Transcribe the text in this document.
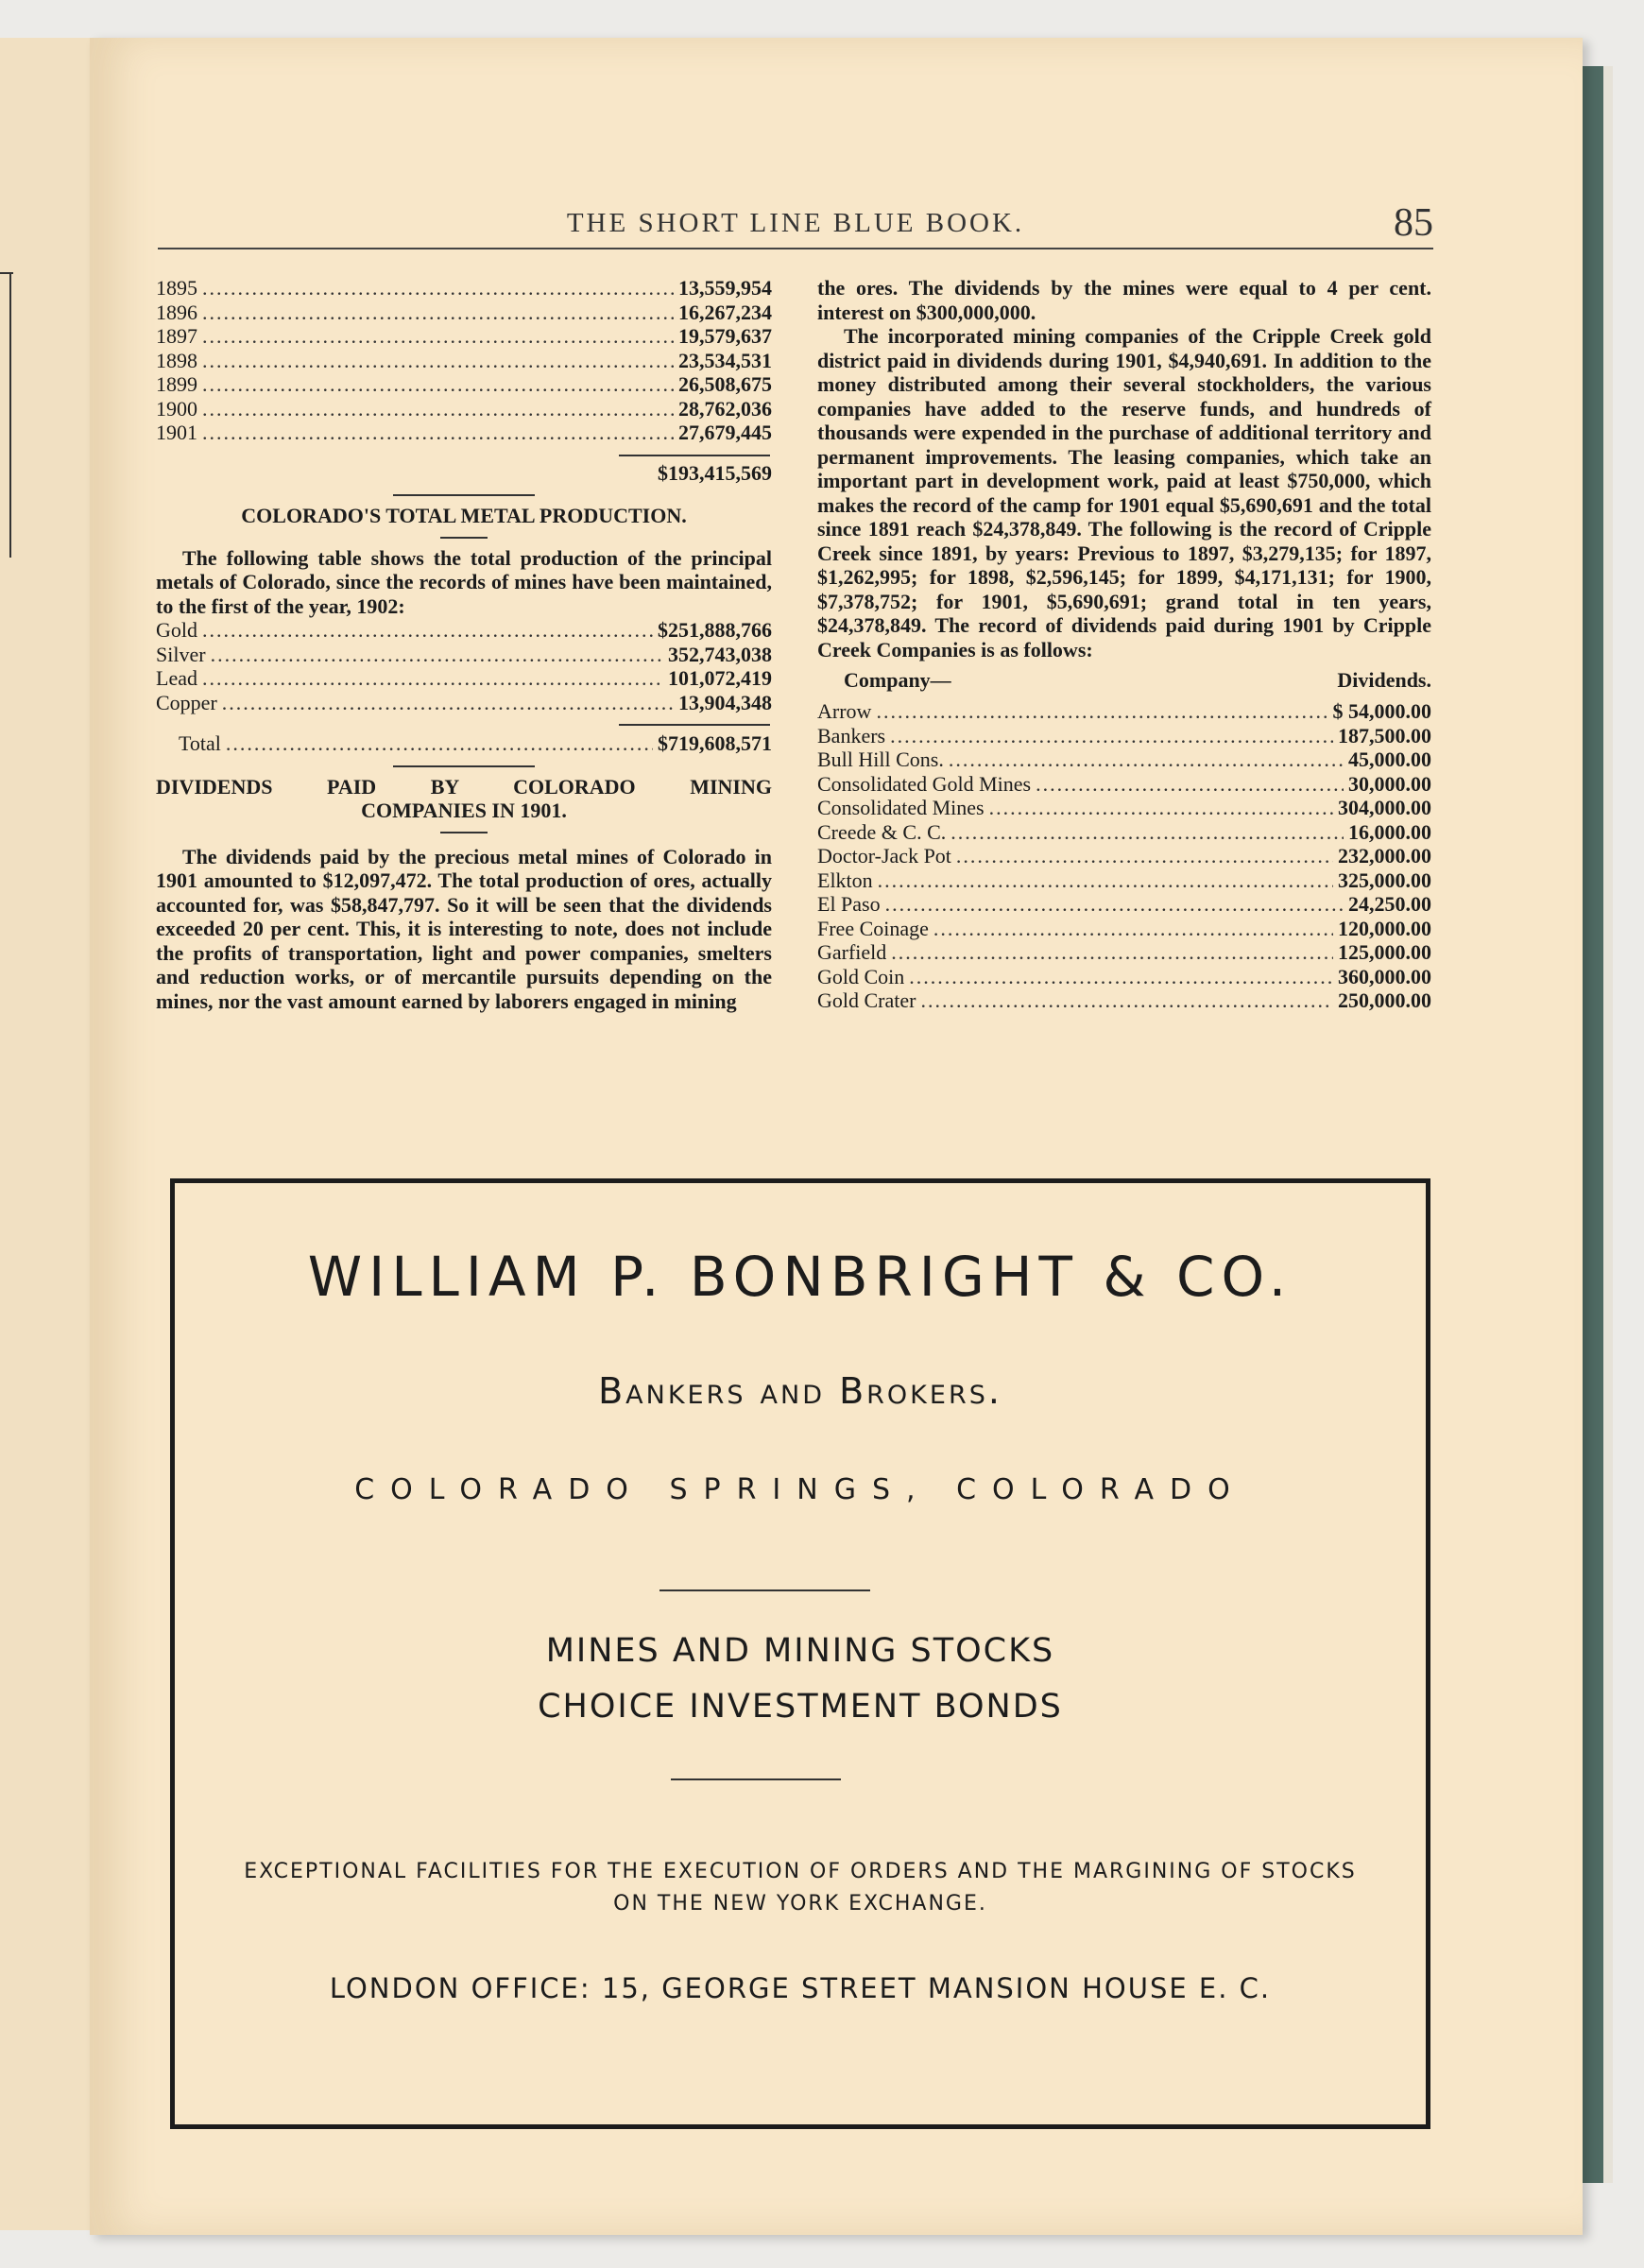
THE SHORT LINE BLUE BOOK.	85
1895 .....	13,559,954
1896 .....	16,267,234
1897 .....	19,579,637
1898 .....	23,534,531
1899 .....	26,508,675
1900 .....	28,762,036
1901 .....	27,679,445
$193,415,569
COLORADO'S TOTAL METAL PRODUCTION.

The following table shows the total production of the principal metals of Colorado, since the records of mines have been maintained, to the first of the year, 1902:

Gold .....	$251,888,766
Silver .....	352,743,038
Lead .....	101,072,419
Copper .....	13,904,348
Total .....	$719,608,571
DIVIDENDS PAID BY COLORADO MINING
COMPANIES IN 1901.

The dividends paid by the precious metal mines of Colorado in 1901 amounted to $12,097,472. The total production of ores, actually accounted for, was $58,847,797. So it will be seen that the dividends exceeded 20 per cent. This, it is interesting to note, does not include the profits of transportation, light and power companies, smelters and reduction works, or of mercantile pursuits depending on the mines, nor the vast amount earned by laborers engaged in mining

the ores. The dividends by the mines were equal to 4 per cent. interest on $300,000,000.

The incorporated mining companies of the Cripple Creek gold district paid in dividends during 1901, $4,940,691. In addition to the money distributed among their several stockholders, the various companies have added to the reserve funds, and hundreds of thousands were expended in the purchase of additional territory and permanent improvements. The leasing companies, which take an important part in development work, paid at least $750,000, which makes the record of the camp for 1901 equal $5,690,691 and the total since 1891 reach $24,378,849. The following is the record of Cripple Creek since 1891, by years: Previous to 1897, $3,279,135; for 1897, $1,262,995; for 1898, $2,596,145; for 1899, $4,171,131; for 1900, $7,378,752; for 1901, $5,690,691; grand total in ten years, $24,378,849. The record of dividends paid during 1901 by Cripple Creek Companies is as follows:

Company—	Dividends.
Arrow .....	$ 54,000.00
Bankers .....	187,500.00
Bull Hill Cons. .....	45,000.00
Consolidated Gold Mines .....	30,000.00
Consolidated Mines .....	304,000.00
Creede & C. C. .....	16,000.00
Doctor-Jack Pot .....	232,000.00
Elkton .....	325,000.00
El Paso .....	24,250.00
Free Coinage .....	120,000.00
Garfield .....	125,000.00
Gold Coin .....	360,000.00
Gold Crater .....	250,000.00
WILLIAM P. BONBRIGHT & CO.
Bankers and Brokers.
COLORADO SPRINGS, COLORADO
MINES AND MINING STOCKS
CHOICE INVESTMENT BONDS
EXCEPTIONAL FACILITIES FOR THE EXECUTION OF ORDERS AND THE MARGINING OF STOCKS ON THE NEW YORK EXCHANGE.
LONDON OFFICE: 15, GEORGE STREET MANSION HOUSE E. C.
